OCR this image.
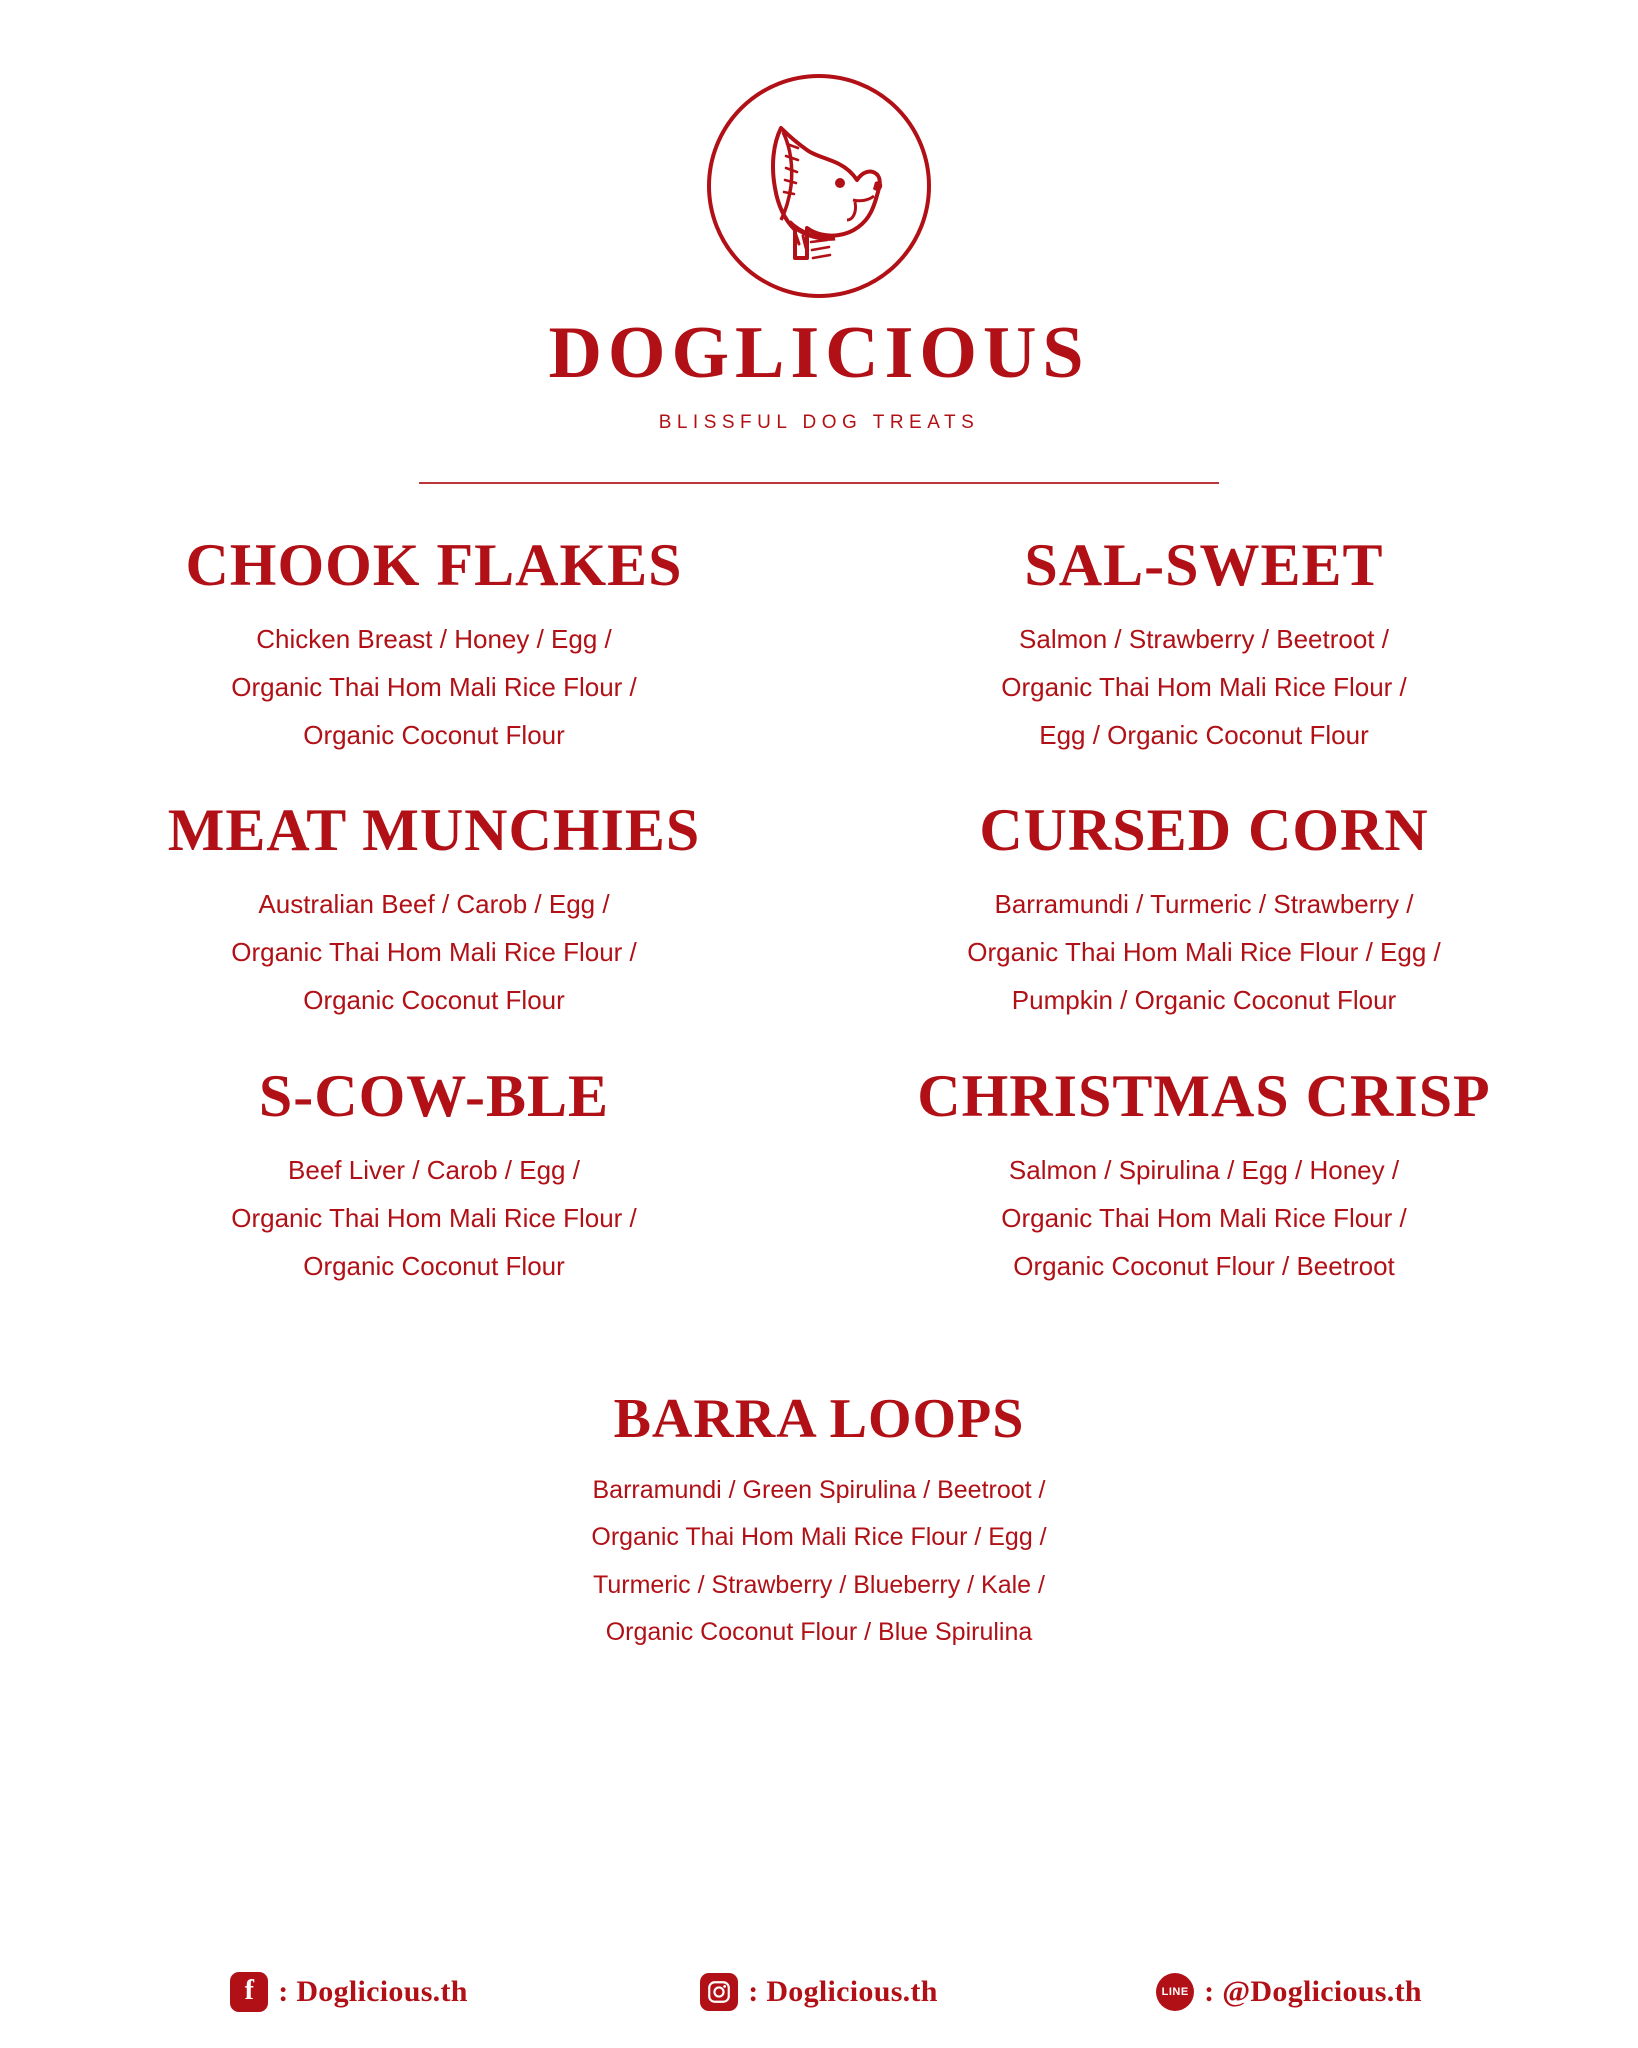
DOGLICIOUS
BLISSFUL DOG TREATS
CHOOK FLAKES
Chicken Breast / Honey / Egg /
Organic Thai Hom Mali Rice Flour /
Organic Coconut Flour
SAL-SWEET
Salmon / Strawberry / Beetroot /
Organic Thai Hom Mali Rice Flour /
Egg / Organic Coconut Flour
MEAT MUNCHIES
Australian Beef / Carob / Egg /
Organic Thai Hom Mali Rice Flour /
Organic Coconut Flour
CURSED CORN
Barramundi / Turmeric / Strawberry /
Organic Thai Hom Mali Rice Flour / Egg /
Pumpkin / Organic Coconut Flour
S-COW-BLE
Beef Liver / Carob / Egg /
Organic Thai Hom Mali Rice Flour /
Organic Coconut Flour
CHRISTMAS CRISP
Salmon / Spirulina / Egg / Honey /
Organic Thai Hom Mali Rice Flour /
Organic Coconut Flour / Beetroot
BARRA LOOPS
Barramundi / Green Spirulina / Beetroot /
Organic Thai Hom Mali Rice Flour / Egg /
Turmeric / Strawberry / Blueberry / Kale /
Organic Coconut Flour / Blue Spirulina
f : Doglicious.th	: Doglicious.th	LINE : @Doglicious.th
